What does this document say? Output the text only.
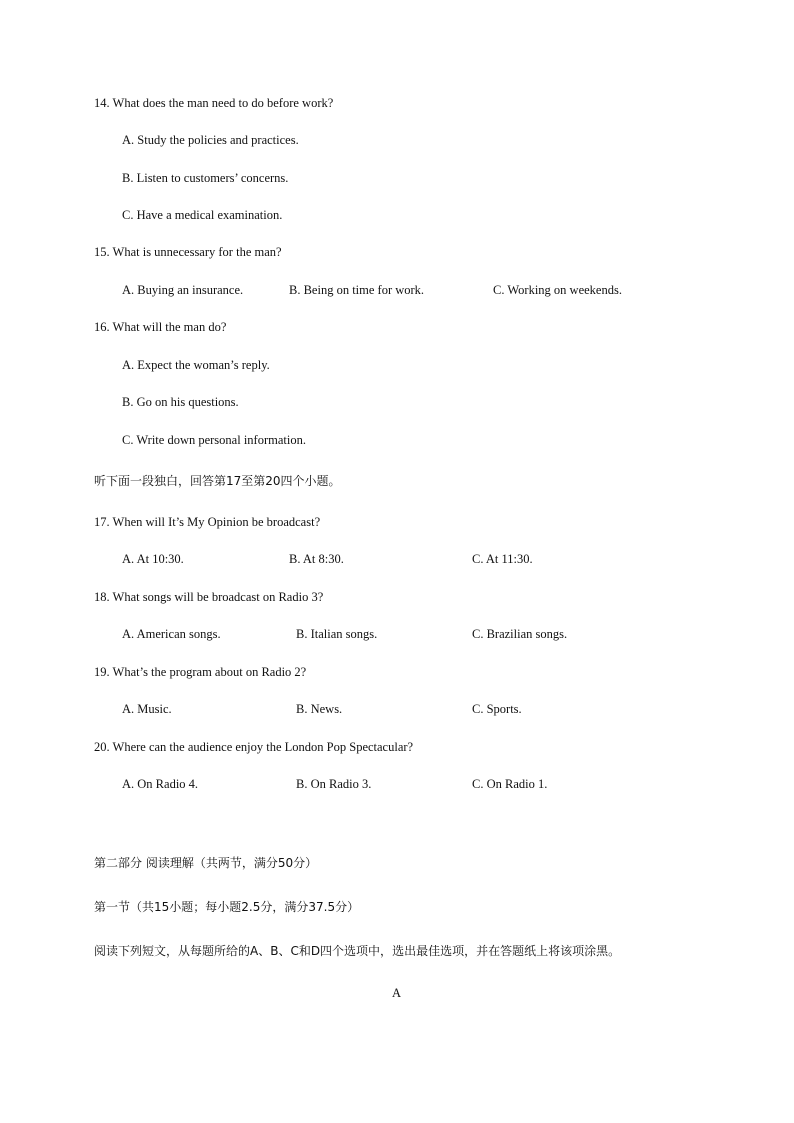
14. What does the man need to do before work?
A. Study the policies and practices.
B. Listen to customers’ concerns.
C. Have a medical examination.
15. What is unnecessary for the man?
A. Buying an insurance.	B. Being on time for work.	C. Working on weekends.
16. What will the man do?
A. Expect the woman’s reply.
B. Go on his questions.
C. Write down personal information.
听下面一段独白，回答第17至第20四个小题。
17. When will It’s My Opinion be broadcast?
A. At 10:30.	B. At 8:30.	C. At 11:30.
18. What songs will be broadcast on Radio 3?
A. American songs.	B. Italian songs.	C. Brazilian songs.
19. What’s the program about on Radio 2?
A. Music.	B. News.	C. Sports.
20. Where can the audience enjoy the London Pop Spectacular?
A. On Radio 4.	B. On Radio 3.	C. On Radio 1.
第二部分 阅读理解（共两节，满分50分）
第一节（共15小题；每小题2.5分，满分37.5分）
阅读下列短文，从每题所给的A、B、C和D四个选项中，选出最佳选项，并在答题纸上将该项涂黑。
A
